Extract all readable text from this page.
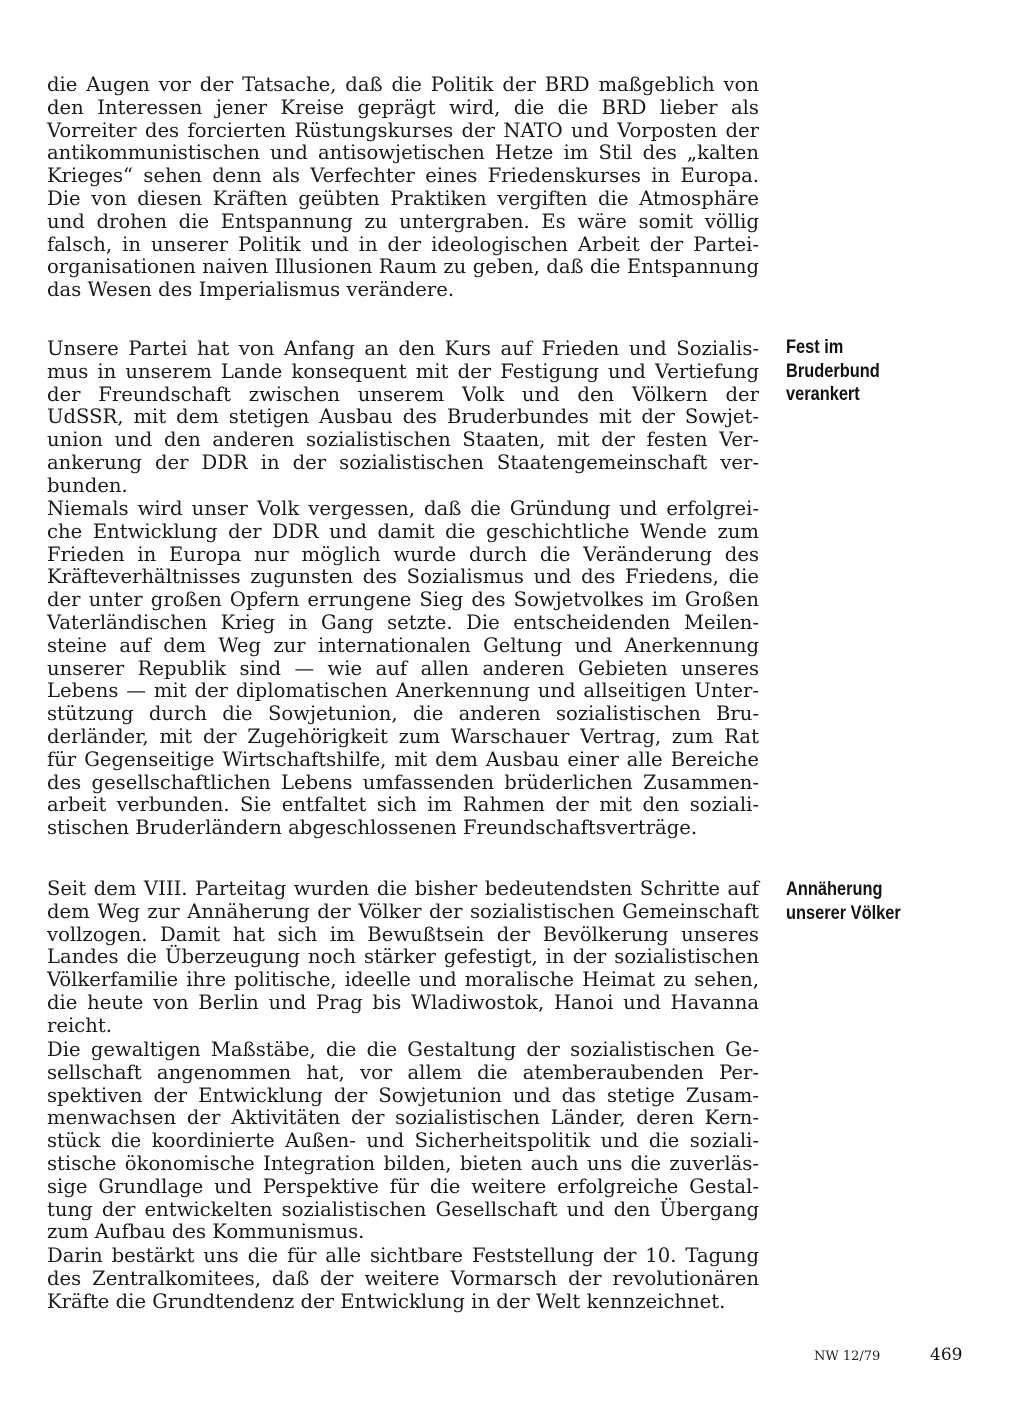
die Augen vor der Tatsache, daß die Politik der BRD maßgeblich von
den Interessen jener Kreise geprägt wird, die die BRD lieber als
Vorreiter des forcierten Rüstungskurses der NATO und Vorposten der
antikommunistischen und antisowjetischen Hetze im Stil des „kalten
Krieges“ sehen denn als Verfechter eines Friedenskurses in Europa.
Die von diesen Kräften geübten Praktiken vergiften die Atmosphäre
und drohen die Entspannung zu untergraben. Es wäre somit völlig
falsch, in unserer Politik und in der ideologischen Arbeit der Partei-
organisationen naiven Illusionen Raum zu geben, daß die Entspannung
das Wesen des Imperialismus verändere.
Unsere Partei hat von Anfang an den Kurs auf Frieden und Sozialis-
mus in unserem Lande konsequent mit der Festigung und Vertiefung
der Freundschaft zwischen unserem Volk und den Völkern der
UdSSR, mit dem stetigen Ausbau des Bruderbundes mit der Sowjet-
union und den anderen sozialistischen Staaten, mit der festen Ver-
ankerung der DDR in der sozialistischen Staatengemeinschaft ver-
bunden.
Niemals wird unser Volk vergessen, daß die Gründung und erfolgrei-
che Entwicklung der DDR und damit die geschichtliche Wende zum
Frieden in Europa nur möglich wurde durch die Veränderung des
Kräfteverhältnisses zugunsten des Sozialismus und des Friedens, die
der unter großen Opfern errungene Sieg des Sowjetvolkes im Großen
Vaterländischen Krieg in Gang setzte. Die entscheidenden Meilen-
steine auf dem Weg zur internationalen Geltung und Anerkennung
unserer Republik sind — wie auf allen anderen Gebieten unseres
Lebens — mit der diplomatischen Anerkennung und allseitigen Unter-
stützung durch die Sowjetunion, die anderen sozialistischen Bru-
derländer, mit der Zugehörigkeit zum Warschauer Vertrag, zum Rat
für Gegenseitige Wirtschaftshilfe, mit dem Ausbau einer alle Bereiche
des gesellschaftlichen Lebens umfassenden brüderlichen Zusammen-
arbeit verbunden. Sie entfaltet sich im Rahmen der mit den soziali-
stischen Bruderländern abgeschlossenen Freundschaftsverträge.
Seit dem VIII. Parteitag wurden die bisher bedeutendsten Schritte auf
dem Weg zur Annäherung der Völker der sozialistischen Gemeinschaft
vollzogen. Damit hat sich im Bewußtsein der Bevölkerung unseres
Landes die Überzeugung noch stärker gefestigt, in der sozialistischen
Völkerfamilie ihre politische, ideelle und moralische Heimat zu sehen,
die heute von Berlin und Prag bis Wladiwostok, Hanoi und Havanna
reicht.
Die gewaltigen Maßstäbe, die die Gestaltung der sozialistischen Ge-
sellschaft angenommen hat, vor allem die atemberaubenden Per-
spektiven der Entwicklung der Sowjetunion und das stetige Zusam-
menwachsen der Aktivitäten der sozialistischen Länder, deren Kern-
stück die koordinierte Außen- und Sicherheitspolitik und die soziali-
stische ökonomische Integration bilden, bieten auch uns die zuverläs-
sige Grundlage und Perspektive für die weitere erfolgreiche Gestal-
tung der entwickelten sozialistischen Gesellschaft und den Übergang
zum Aufbau des Kommunismus.
Darin bestärkt uns die für alle sichtbare Feststellung der 10. Tagung
des Zentralkomitees, daß der weitere Vormarsch der revolutionären
Kräfte die Grundtendenz der Entwicklung in der Welt kennzeichnet.
Fest im
Bruderbund
verankert
Annäherung
unserer Völker
NW 12/79	469
